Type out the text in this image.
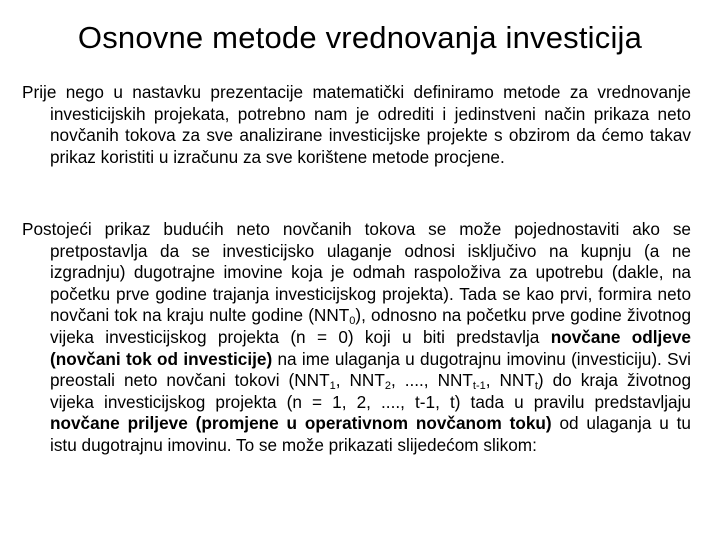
Osnovne metode vrednovanja investicija

Prije nego u nastavku prezentacije matematički definiramo metode za vrednovanje investicijskih projekata, potrebno nam je odrediti i jedinstveni način prikaza neto novčanih tokova za sve analizirane investicijske projekte s obzirom da ćemo takav prikaz koristiti u izračunu za sve korištene metode procjene.

Postojeći prikaz budućih neto novčanih tokova se može pojednostaviti ako se pretpostavlja da se investicijsko ulaganje odnosi isključivo na kupnju (a ne izgradnju) dugotrajne imovine koja je odmah raspoloživa za upotrebu (dakle, na početku prve godine trajanja investicijskog projekta). Tada se kao prvi, formira neto novčani tok na kraju nulte godine $(NNT_0)$, odnosno na početku prve godine životnog vijeka investicijskog projekta (n = 0) koji u biti predstavlja novčane odljeve (novčani tok od investicije) na ime ulaganja u dugotrajnu imovinu (investiciju). Svi preostali neto novčani tokovi ($NNT_1$, $NNT_2$, ...., $NNT_{t-1}$, $NNT_t$) do kraja životnog vijeka investicijskog projekta (n = 1, 2, ...., t-1, t) tada u pravilu predstavljaju novčane priljeve (promjene u operativnom novčanom toku) od ulaganja u tu istu dugotrajnu imovinu. To se može prikazati slijedećom slikom:
